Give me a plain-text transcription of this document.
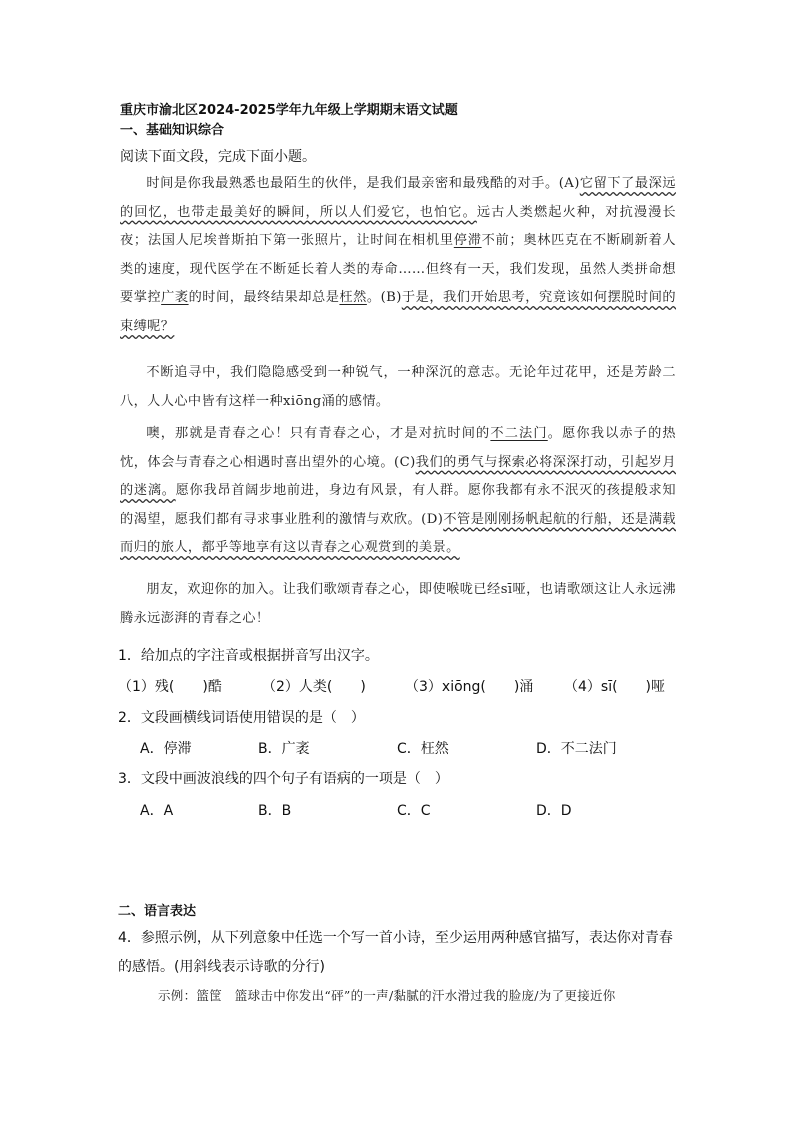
重庆市渝北区2024-2025学年九年级上学期期末语文试题
一、基础知识综合
阅读下面文段，完成下面小题。
时间是你我最熟悉也最陌生的伙伴，是我们最亲密和最残酷的对手。(A)它留下了最深远的回忆，也带走最美好的瞬间，所以人们爱它，也怕它。远古人类燃起火种，对抗漫漫长夜；法国人尼埃普斯拍下第一张照片，让时间在相机里停滞不前；奥林匹克在不断刷新着人类的速度，现代医学在不断延长着人类的寿命……但终有一天，我们发现，虽然人类拼命想要掌控广袤的时间，最终结果却总是枉然。(B)于是，我们开始思考，究竟该如何摆脱时间的束缚呢？
不断追寻中，我们隐隐感受到一种锐气，一种深沉的意志。无论年过花甲，还是芳龄二八，人人心中皆有这样一种xiōng涌的感情。
噢，那就是青春之心！只有青春之心，才是对抗时间的不二法门。愿你我以赤子的热忱，体会与青春之心相遇时喜出望外的心境。(C)我们的勇气与探索必将深深打动，引起岁月的迷漓。愿你我昂首阔步地前进，身边有风景，有人群。愿你我都有永不泯灭的孩提般求知的渴望，愿我们都有寻求事业胜利的激情与欢欣。(D)不管是刚刚扬帆起航的行船，还是满载而归的旅人，都乎等地享有这以青春之心观赏到的美景。
朋友，欢迎你的加入。让我们歌颂青春之心，即使喉咙已经sī哑，也请歌颂这让人永远沸腾永远澎湃的青春之心！
1．给加点的字注音或根据拼音写出汉字。
（1）残(　　)酷	（2）人类(　　)	（3）xiōng(　　)涌 （4）sī(　　)哑
2．文段画横线词语使用错误的是（　）
A．停滞	B．广袤	C．枉然	D．不二法门
3．文段中画波浪线的四个句子有语病的一项是（　）
A．A	B．B	C．C	D．D
二、语言表达
4．参照示例，从下列意象中任选一个写一首小诗，至少运用两种感官描写，表达你对青春的感悟。(用斜线表示诗歌的分行)
示例：篮筐　篮球击中你发出“砰”的一声/黏腻的汗水滑过我的脸庞/为了更接近你
